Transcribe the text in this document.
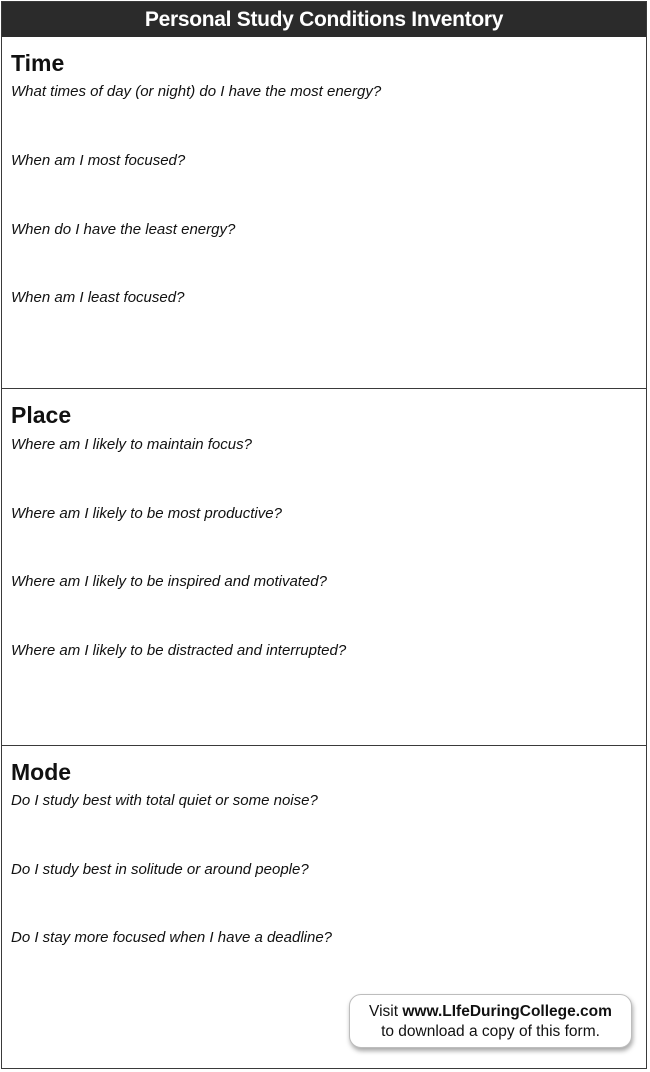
Personal Study Conditions Inventory
Time

What times of day (or night) do I have the most energy?

When am I most focused?

When do I have the least energy?

When am I least focused?

Place

Where am I likely to maintain focus?

Where am I likely to be most productive?

Where am I likely to be inspired and motivated?

Where am I likely to be distracted and interrupted?

Mode

Do I study best with total quiet or some noise?

Do I study best in solitude or around people?

Do I stay more focused when I have a deadline?

Visit www.LIfeDuringCollege.com
to download a copy of this form.
